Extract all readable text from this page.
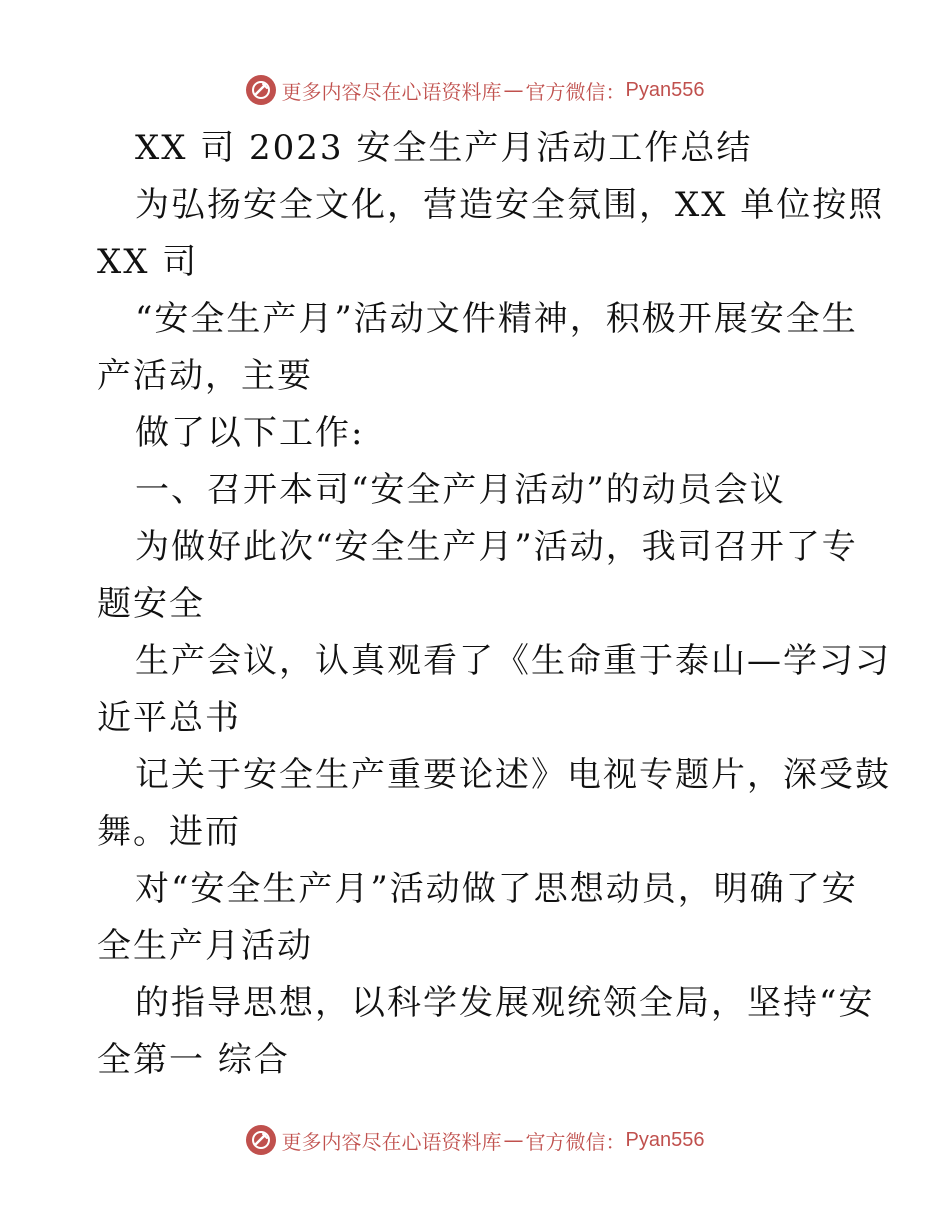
更多内容尽在心语资料库 — 官方微信： Pyan556
XX 司 2023 安全生产月活动工作总结
为弘扬安全文化，营造安全氛围，XX 单位按照
XX 司
“安全生产月”活动文件精神，积极开展安全生
产活动，主要
做了以下工作:
一、召开本司“安全产月活动”的动员会议
为做好此次“安全生产月”活动，我司召开了专
题安全
生产会议，认真观看了《生命重于泰山—学习习
近平总书
记关于安全生产重要论述》电视专题片，深受鼓
舞。进而
对“安全生产月”活动做了思想动员，明确了安
全生产月活动
的指导思想，以科学发展观统领全局，坚持“安
全第一 综合
更多内容尽在心语资料库 — 官方微信： Pyan556
